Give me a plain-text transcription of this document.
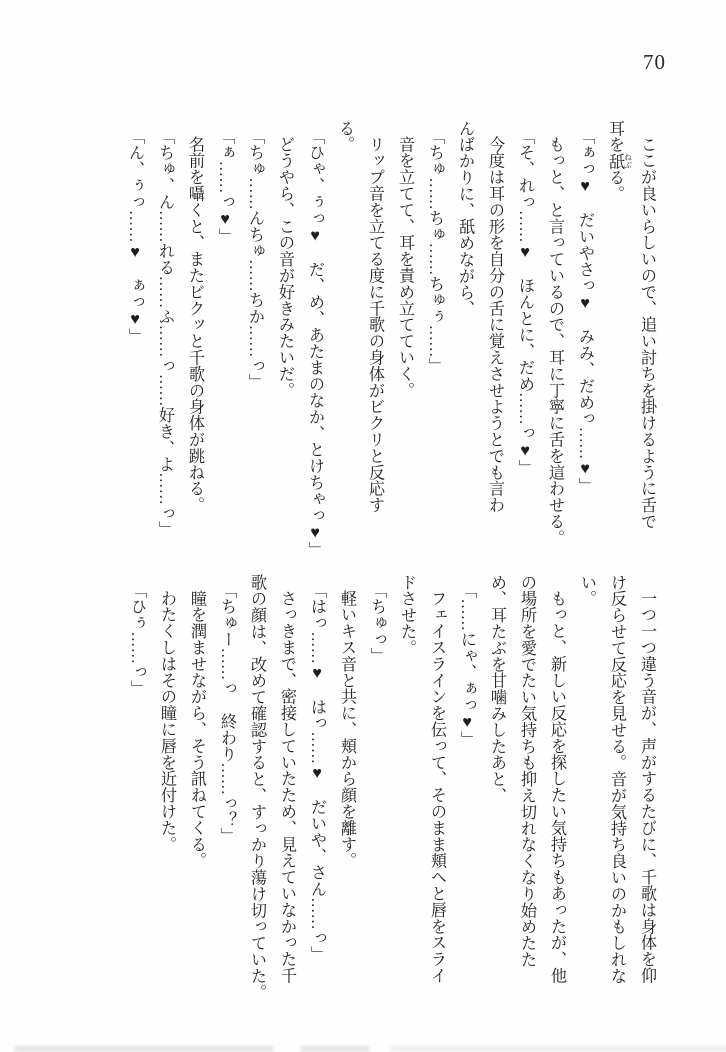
70
ここが良いらしいので、追い討ちを掛けるように舌で
耳を舐 ねぶる。
「ぁっ♥　だいやさっ♥　みみ、だめっ……♥」
もっと、と言っているので、耳に丁寧に舌を這わせる。
「そ、れっ……♥　ほんとに、だめ……っ♥」
今度は耳の形を自分の舌に覚えさせようとでも言わ
んばかりに、舐めながら、
「ちゅ……ちゅ……ちゅぅ……」
音を立てて、耳を責め立てていく。
リップ音を立てる度に千歌の身体がビクリと反応す
る。
「ひゃ、ぅっ♥　だ、め、あたまのなか、とけちゃっ♥」
どうやら、この音が好きみたいだ。
「ちゅ……んちゅ……ちか……っ」
「ぁ……っ♥」
名前を囁くと、またビクッと千歌の身体が跳ねる。
「ちゅ、ん……れる……ふ……っ……好き、よ……っ」
「ん、ぅっ……♥　ぁっ♥」
一つ一つ違う音が、声がするたびに、千歌は身体を仰
け反らせて反応を見せる。音が気持ち良いのかもしれな
い。
もっと、新しい反応を探したい気持ちもあったが、他
の場所を愛でたい気持ちも抑え切れなくなり始めたた
め、耳たぶを甘噛みしたあと、
「……にゃ、ぁっ♥」
フェイスラインを伝って、そのまま頬へと唇をスライ
ドさせた。
「ちゅっ」
軽いキス音と共に、頬から顔を離す。
「はっ……♥　はっ……♥　だいや、さん……っ」
さっきまで、密接していたため、見えていなかった千
歌の顔は、改めて確認すると、すっかり蕩け切っていた。
「ちゅー……っ　終わり……っ？」
瞳を潤ませながら、そう訊ねてくる。
わたくしはその瞳に唇を近付けた。
「ひぅ……っ」
